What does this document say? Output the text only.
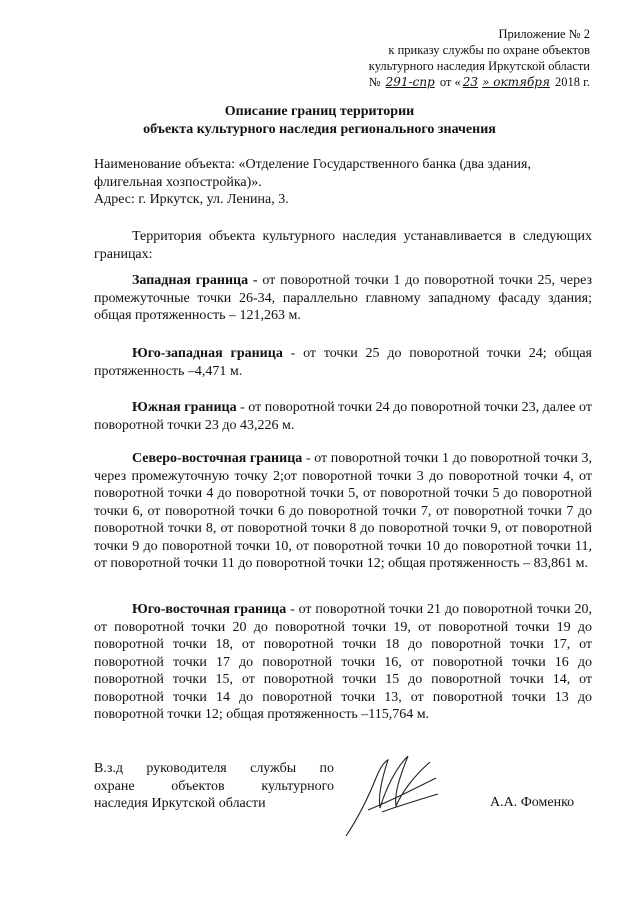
Приложение № 2
к приказу службы по охране объектов
культурного наследия Иркутской области
№ 291-спр от « 23 » октября 2018 г.
Описание границ территории
объекта культурного наследия регионального значения
Наименование объекта: «Отделение Государственного банка (два здания, флигельная хозпостройка)».
Адрес: г. Иркутск, ул. Ленина, 3.
Территория объекта культурного наследия устанавливается в следующих границах:
Западная граница - от поворотной точки 1 до поворотной точки 25, через промежуточные точки 26-34, параллельно главному западному фасаду здания; общая протяженность – 121,263 м.
Юго-западная граница - от точки 25 до поворотной точки 24; общая протяженность –4,471 м.
Южная граница - от поворотной точки 24 до поворотной точки 23, далее от поворотной точки 23 до 43,226 м.
Северо-восточная граница - от поворотной точки 1 до поворотной точки 3, через промежуточную точку 2;от поворотной точки 3 до поворотной точки 4, от поворотной точки 4 до поворотной точки 5, от поворотной точки 5 до поворотной точки 6, от поворотной точки 6 до поворотной точки 7, от поворотной точки 7 до поворотной точки 8, от поворотной точки 8 до поворотной точки 9, от поворотной точки 9 до поворотной точки 10, от поворотной точки 10 до поворотной точки 11, от поворотной точки 11 до поворотной точки 12; общая протяженность – 83,861 м.
Юго-восточная граница - от поворотной точки 21 до поворотной точки 20, от поворотной точки 20 до поворотной точки 19, от поворотной точки 19 до поворотной точки 18, от поворотной точки 18 до поворотной точки 17, от поворотной точки 17 до поворотной точки 16, от поворотной точки 16 до поворотной точки 15, от поворотной точки 15 до поворотной точки 14, от поворотной точки 14 до поворотной точки 13, от поворотной точки 13 до поворотной точки 12; общая протяженность –115,764 м.
В.з.д руководителя службы по
охране объектов культурного
наследия Иркутской области	А.А. Фоменко
